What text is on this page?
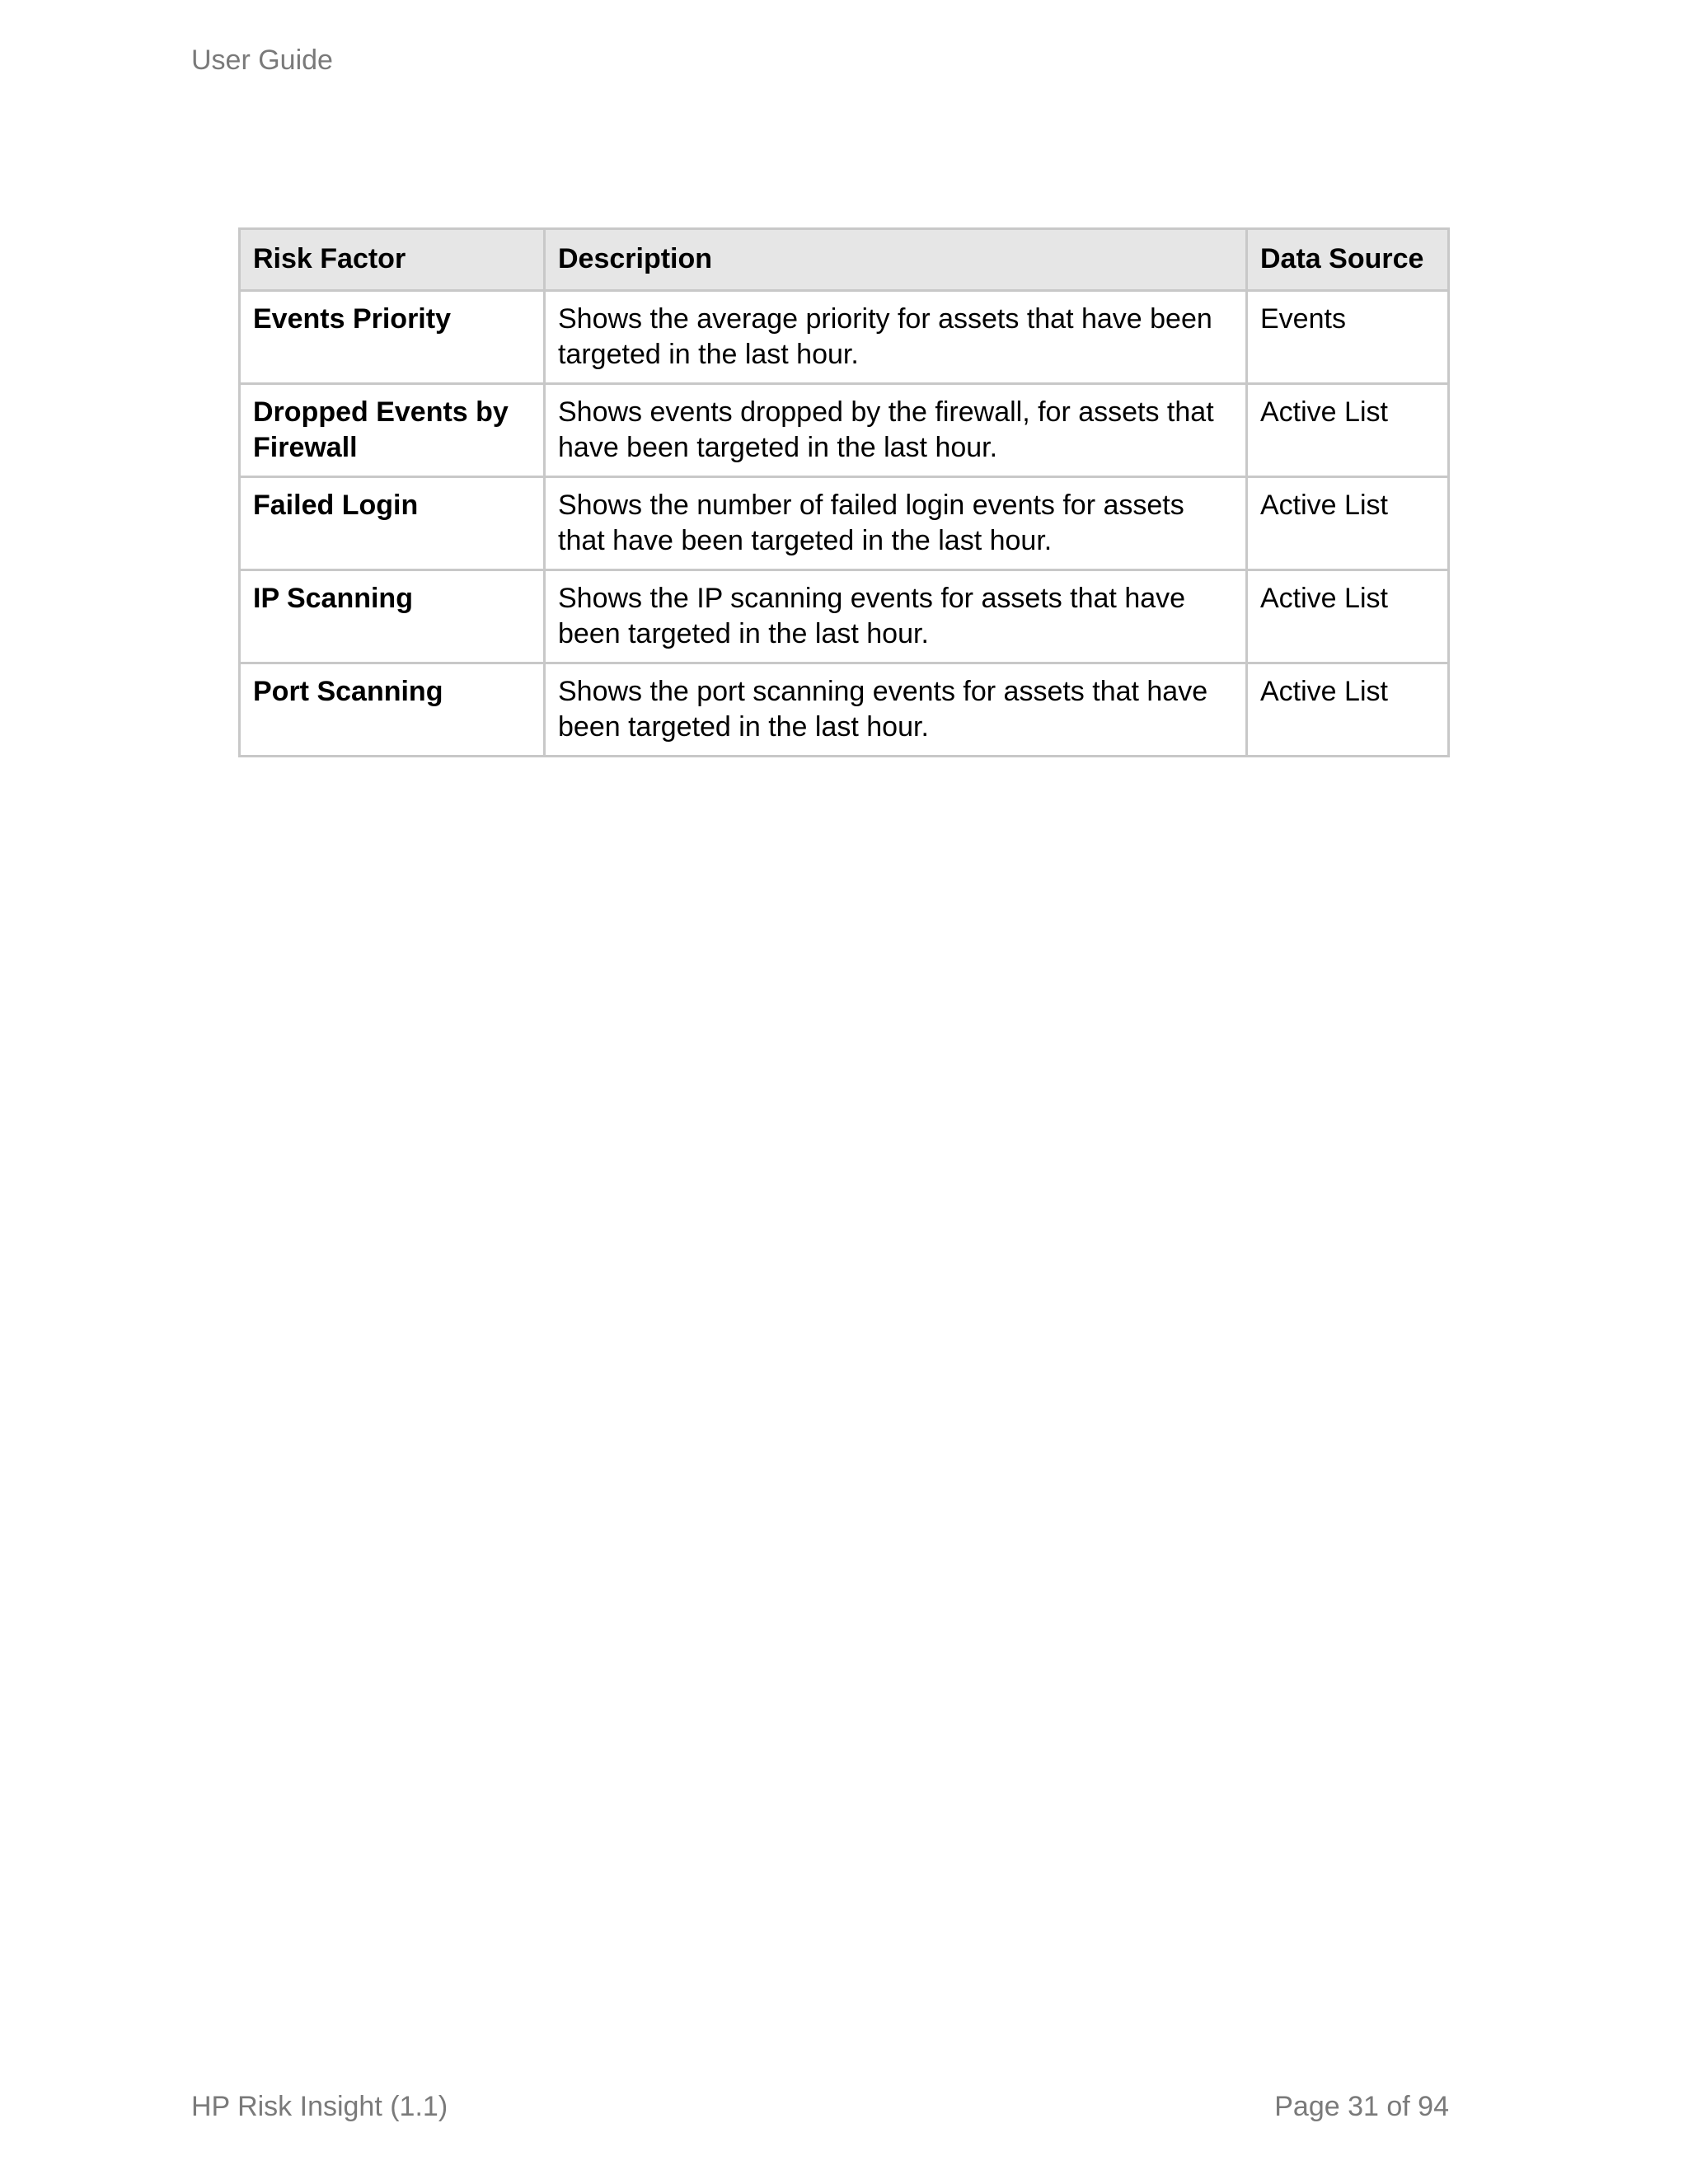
User Guide
Risk Factor	Description	Data Source
Events Priority	Shows the average priority for assets that have been targeted in the last hour.	Events
Dropped Events by Firewall	Shows events dropped by the firewall, for assets that have been targeted in the last hour.	Active List
Failed Login	Shows the number of failed login events for assets that have been targeted in the last hour.	Active List
IP Scanning	Shows the IP scanning events for assets that have been targeted in the last hour.	Active List
Port Scanning	Shows the port scanning events for assets that have been targeted in the last hour.	Active List
HP Risk Insight (1.1)	Page 31 of 94
